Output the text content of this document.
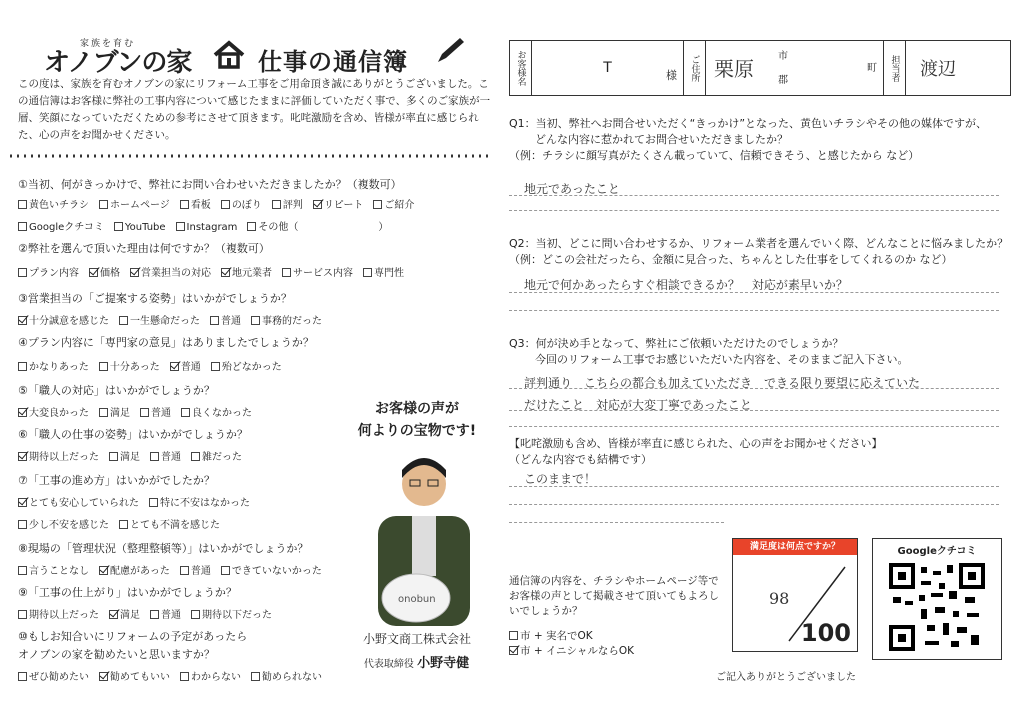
家族を育む
オノブンの家	仕事の通信簿
この度は、家族を育むオノブンの家にリフォーム工事をご用命頂き誠にありがとうございました。この通信簿はお客様に弊社の工事内容について感じたままに評価していただく事で、多くのご家族が一層、笑顔になっていただくための参考にさせて頂きます。叱咤激励を含め、皆様が率直に感じられた、心の声をお聞かせください。
①当初、何がきっかけで、弊社にお問い合わせいただきましたか？（複数可）
黄色いチラシ ホームページ 看板 のぼり 評判 リピート ご紹介
Googleクチコミ YouTube Instagram その他（　　　　　　　　）
②弊社を選んで頂いた理由は何ですか？（複数可）
プラン内容 価格 営業担当の対応 地元業者 サービス内容 専門性
③営業担当の「ご提案する姿勢」はいかがでしょうか？
十分誠意を感じた 一生懸命だった 普通 事務的だった
④プラン内容に「専門家の意見」はありましたでしょうか？
かなりあった 十分あった 普通 殆どなかった
⑤「職人の対応」はいかがでしょうか？
大変良かった 満足 普通 良くなかった
⑥「職人の仕事の姿勢」はいかがでしょうか？
期待以上だった 満足 普通 雑だった
⑦「工事の進め方」はいかがでしたか？
とても安心していられた 特に不安はなかった
少し不安を感じた とても不満を感じた
⑧現場の「管理状況（整理整頓等）」はいかがでしょうか？
言うことなし 配慮があった 普通 できていないかった
⑨「工事の仕上がり」はいかがでしょうか？
期待以上だった 満足 普通 期待以下だった
⑩もしお知合いにリフォームの予定があったら
オノブンの家を勧めたいと思いますか？
ぜひ勧めたい 勧めてもいい わからない 勧められない
お客様の声が
何よりの宝物です!
onobun
小野文商工株式会社
代表取締役 小野寺健
お客様名	T	様	ご住所 栗原
市
郡
町	担当者	渡辺
Q1：当初、弊社へお問合せいただく“きっかけ”となった、黄色いチラシやその他の媒体ですが、
どんな内容に惹かれてお問合せいただきましたか？
（例：チラシに顔写真がたくさん載っていて、信頼できそう、と感じたから など）
地元であったこと
Q2：当初、どこに問い合わせするか、リフォーム業者を選んでいく際、どんなことに悩みましたか？
（例：どこの会社だったら、金額に見合った、ちゃんとした仕事をしてくれるのか など）
地元で何かあったらすぐ相談できるか？　対応が素早いか？
Q3：何が決め手となって、弊社にご依頼いただけたのでしょうか？
今回のリフォーム工事でお感じいただいた内容を、そのままご記入下さい。
評判通り　こちらの都合も加えていただき　できる限り要望に応えていた
だけたこと　対応が大変丁寧であったこと
【叱咤激励も含め、皆様が率直に感じられた、心の声をお聞かせください】
（どんな内容でも結構です）
このままで！
満足度は何点ですか？
98
100
Googleクチコミ
通信簿の内容を、チラシやホームページ等でお客様の声として掲載させて頂いてもよろしいでしょうか？
市 + 実名でOK
市 + イニシャルならOK
ご記入ありがとうございました
